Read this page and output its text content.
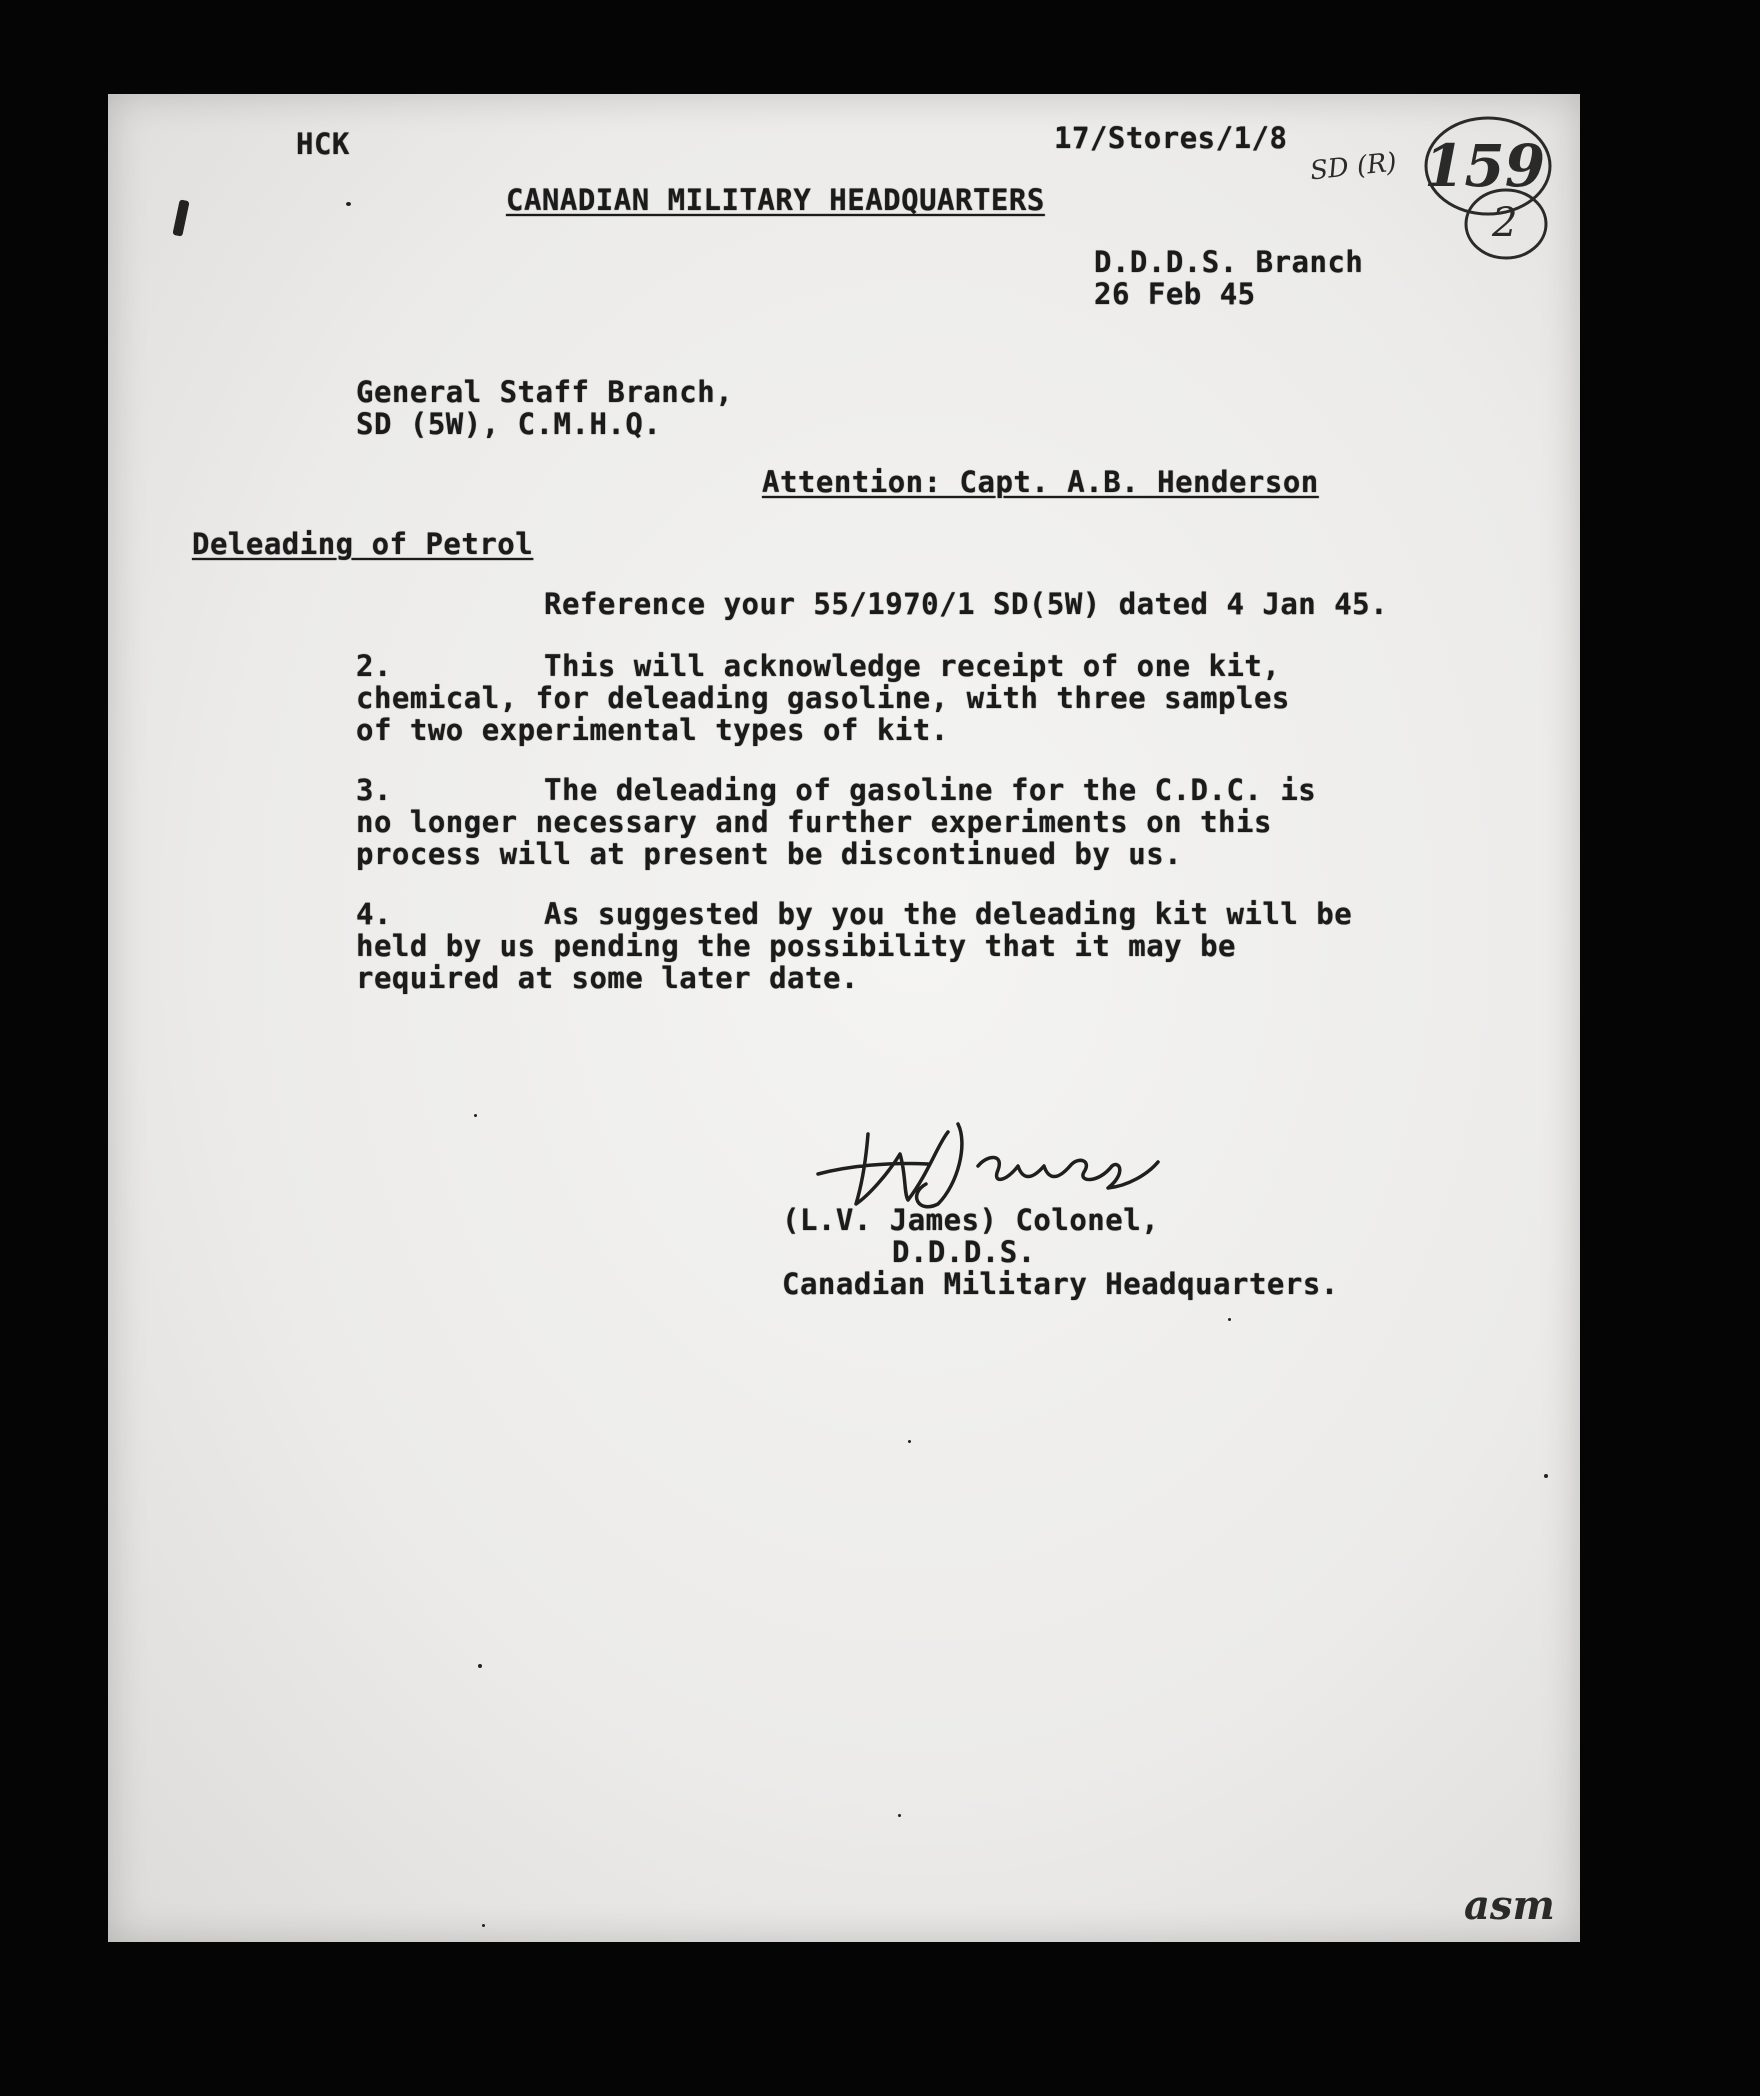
HCK	17/Stores/1/8
SD (R) 159
2
CANADIAN MILITARY HEADQUARTERS
D.D.D.S. Branch
26 Feb 45
General Staff Branch,
SD (5W), C.M.H.Q.
Attention: Capt. A.B. Henderson
Deleading of Petrol
Reference your 55/1970/1 SD(5W) dated 4 Jan 45.
2.	This will acknowledge receipt of one kit,
chemical, for deleading gasoline, with three samples
of two experimental types of kit.
3.	The deleading of gasoline for the C.D.C. is
no longer necessary and further experiments on this
process will at present be discontinued by us.
4.	As suggested by you the deleading kit will be
held by us pending the possibility that it may be
required at some later date.
(L.V. James) Colonel,
D.D.D.S.
Canadian Military Headquarters.
asm
